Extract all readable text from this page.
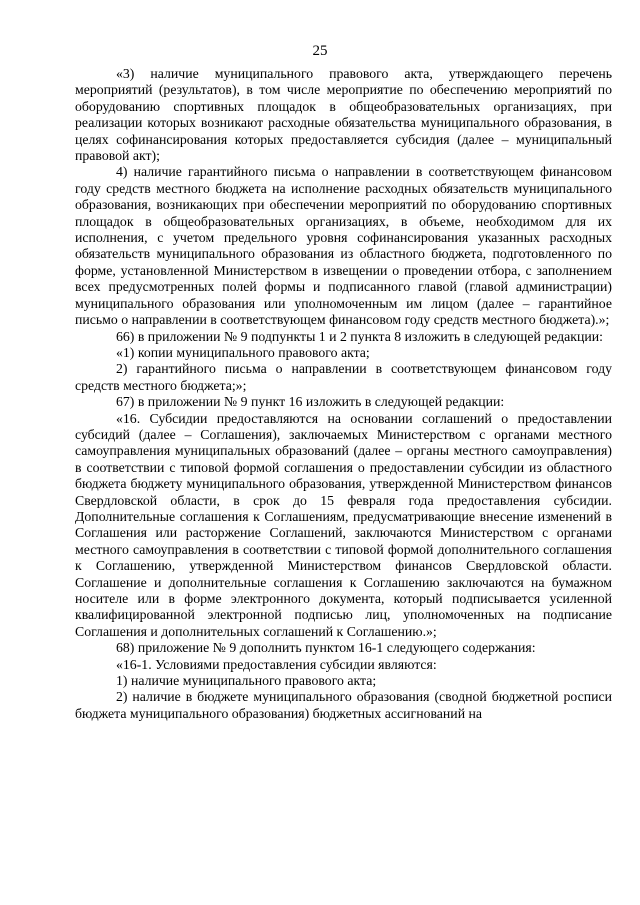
25

«3) наличие муниципального правового акта, утверждающего перечень мероприятий (результатов), в том числе мероприятие по обеспечению мероприятий по оборудованию спортивных площадок в общеобразовательных организациях, при реализации которых возникают расходные обязательства муниципального образования, в целях софинансирования которых предоставляется субсидия (далее – муниципальный правовой акт);

4) наличие гарантийного письма о направлении в соответствующем финансовом году средств местного бюджета на исполнение расходных обязательств муниципального образования, возникающих при обеспечении мероприятий по оборудованию спортивных площадок в общеобразовательных организациях, в объеме, необходимом для их исполнения, с учетом предельного уровня софинансирования указанных расходных обязательств муниципального образования из областного бюджета, подготовленного по форме, установленной Министерством в извещении о проведении отбора, с заполнением всех предусмотренных полей формы и подписанного главой (главой администрации) муниципального образования или уполномоченным им лицом (далее – гарантийное письмо о направлении в соответствующем финансовом году средств местного бюджета).»;

66) в приложении № 9 подпункты 1 и 2 пункта 8 изложить в следующей редакции:

«1) копии муниципального правового акта;

2) гарантийного письма о направлении в соответствующем финансовом году средств местного бюджета;»;

67) в приложении № 9 пункт 16 изложить в следующей редакции:

«16. Субсидии предоставляются на основании соглашений о предоставлении субсидий (далее – Соглашения), заключаемых Министерством с органами местного самоуправления муниципальных образований (далее – органы местного самоуправления) в соответствии с типовой формой соглашения о предоставлении субсидии из областного бюджета бюджету муниципального образования, утвержденной Министерством финансов Свердловской области, в срок до 15 февраля года предоставления субсидии. Дополнительные соглашения к Соглашениям, предусматривающие внесение изменений в Соглашения или расторжение Соглашений, заключаются Министерством с органами местного самоуправления в соответствии с типовой формой дополнительного соглашения к Соглашению, утвержденной Министерством финансов Свердловской области. Соглашение и дополнительные соглашения к Соглашению заключаются на бумажном носителе или в форме электронного документа, который подписывается усиленной квалифицированной электронной подписью лиц, уполномоченных на подписание Соглашения и дополнительных соглашений к Соглашению.»;

68) приложение № 9 дополнить пунктом 16-1 следующего содержания:

«16-1. Условиями предоставления субсидии являются:

1) наличие муниципального правового акта;

2) наличие в бюджете муниципального образования (сводной бюджетной росписи бюджета муниципального образования) бюджетных ассигнований на
